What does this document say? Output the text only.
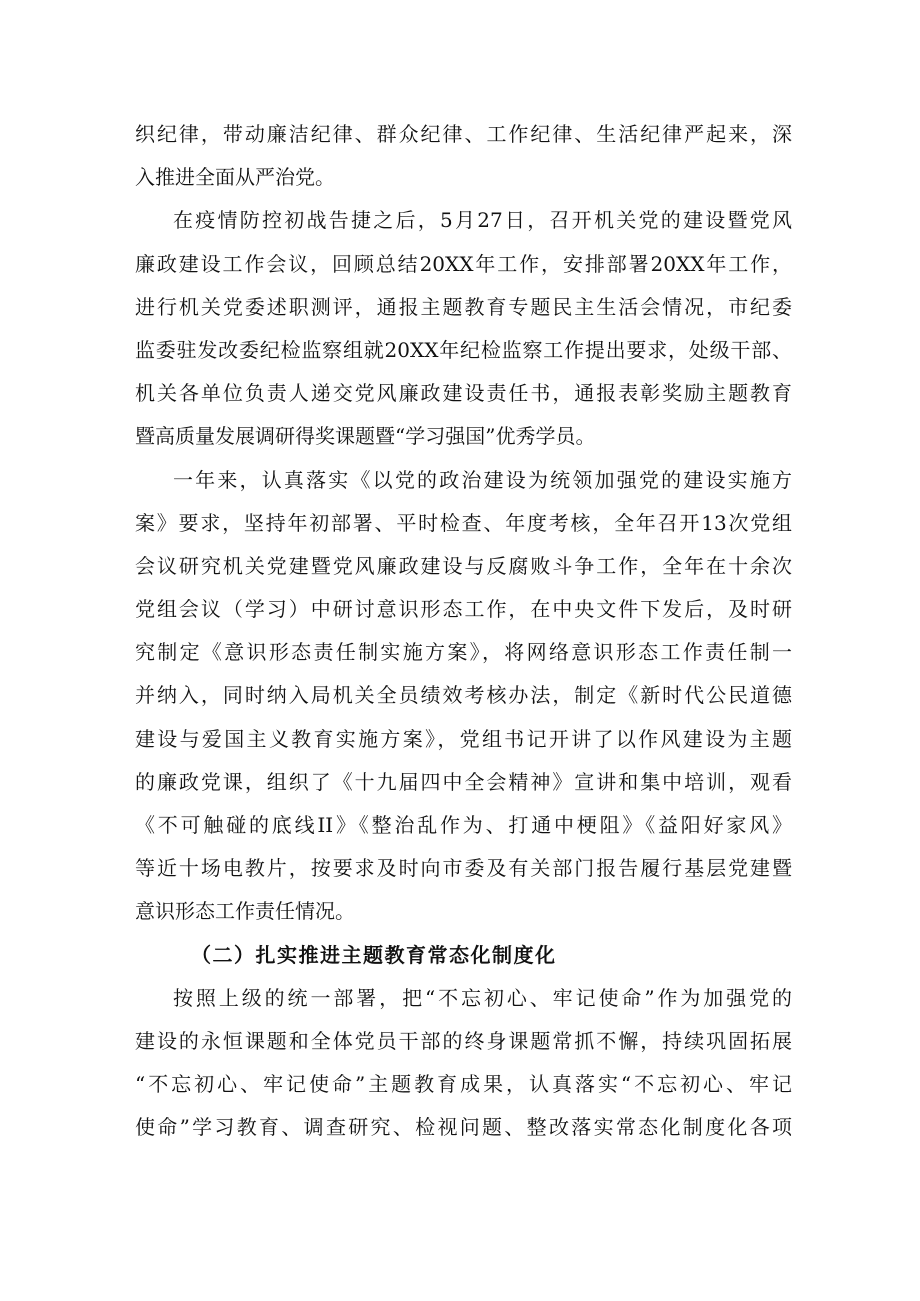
织纪律，带动廉洁纪律、群众纪律、工作纪律、生活纪律严起来，深
入推进全面从严治党。
在疫情防控初战告捷之后，5月27日，召开机关党的建设暨党风
廉政建设工作会议，回顾总结20XX年工作，安排部署20XX年工作，
进行机关党委述职测评，通报主题教育专题民主生活会情况，市纪委
监委驻发改委纪检监察组就20XX年纪检监察工作提出要求，处级干部、
机关各单位负责人递交党风廉政建设责任书，通报表彰奖励主题教育
暨高质量发展调研得奖课题暨“学习强国”优秀学员。
一年来，认真落实《以党的政治建设为统领加强党的建设实施方
案》要求，坚持年初部署、平时检查、年度考核，全年召开13次党组
会议研究机关党建暨党风廉政建设与反腐败斗争工作，全年在十余次
党组会议（学习）中研讨意识形态工作，在中央文件下发后，及时研
究制定《意识形态责任制实施方案》，将网络意识形态工作责任制一
并纳入，同时纳入局机关全员绩效考核办法，制定《新时代公民道德
建设与爱国主义教育实施方案》，党组书记开讲了以作风建设为主题
的廉政党课，组织了《十九届四中全会精神》宣讲和集中培训，观看
《不可触碰的底线II》《整治乱作为、打通中梗阻》《益阳好家风》
等近十场电教片，按要求及时向市委及有关部门报告履行基层党建暨
意识形态工作责任情况。
（二）扎实推进主题教育常态化制度化
按照上级的统一部署，把“不忘初心、牢记使命”作为加强党的
建设的永恒课题和全体党员干部的终身课题常抓不懈，持续巩固拓展
“不忘初心、牢记使命”主题教育成果，认真落实“不忘初心、牢记
使命”学习教育、调查研究、检视问题、整改落实常态化制度化各项
